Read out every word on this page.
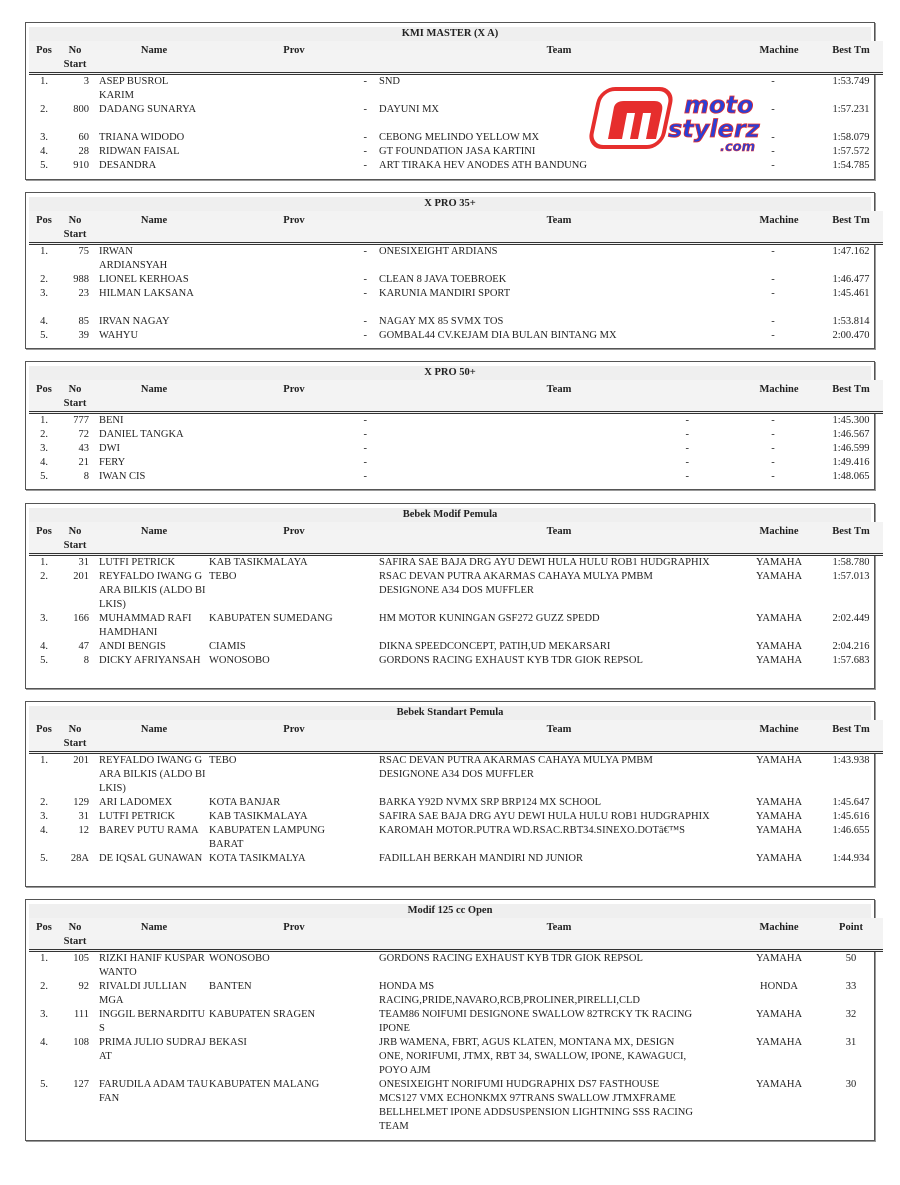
KMI MASTER (X A)
Pos	No
Start	Name	Prov	Team	Machine	Best Tm
1.	3	ASEP BUSROL KARIM	-	SND	-	1:53.749
2.	800	DADANG SUNARYA	-	DAYUNI MX	-	1:57.231

3.	60	TRIANA WIDODO	-	CEBONG MELINDO YELLOW MX	-	1:58.079
4.	28	RIDWAN FAISAL	-	GT FOUNDATION JASA KARTINI	-	1:57.572
5.	910	DESANDRA	-	ART TIRAKA HEV ANODES ATH BANDUNG	-	1:54.785
moto
stylerz
.com
X PRO 35+
Pos	No
Start	Name	Prov	Team	Machine	Best Tm
1.	75	IRWAN ARDIANSYAH	-	ONESIXEIGHT ARDIANS	-	1:47.162
2.	988	LIONEL KERHOAS	-	CLEAN 8 JAVA TOEBROEK	-	1:46.477
3.	23	HILMAN LAKSANA	-	KARUNIA MANDIRI SPORT	-	1:45.461

4.	85	IRVAN NAGAY	-	NAGAY MX 85 SVMX TOS	-	1:53.814
5.	39	WAHYU	-	GOMBAL44 CV.KEJAM DIA BULAN BINTANG MX	-	2:00.470
X PRO 50+
Pos	No
Start	Name	Prov	Team	Machine	Best Tm
1.	777	BENI	-	-	-	1:45.300
2.	72	DANIEL TANGKA	-	-	-	1:46.567
3.	43	DWI	-	-	-	1:46.599
4.	21	FERY	-	-	-	1:49.416
5.	8	IWAN CIS	-	-	-	1:48.065
Bebek Modif Pemula
Pos	No
Start	Name	Prov	Team	Machine	Best Tm
1.	31	LUTFI PETRICK	KAB TASIKMALAYA	SAFIRA SAE BAJA DRG AYU DEWI HULA HULU ROB1 HUDGRAPHIX	YAMAHA	1:58.780
2.	201	REYFALDO IWANG GARA BILKIS (ALDO BILKIS)	TEBO	RSAC DEVAN PUTRA AKARMAS CAHAYA MULYA PMBM DESIGNONE A34 DOS MUFFLER	YAMAHA	1:57.013
3.	166	MUHAMMAD RAFI HAMDHANI	KABUPATEN SUMEDANG	HM MOTOR KUNINGAN GSF272 GUZZ SPEDD	YAMAHA	2:02.449
4.	47	ANDI BENGIS	CIAMIS	DIKNA SPEEDCONCEPT, PATIH,UD MEKARSARI	YAMAHA	2:04.216
5.	8	DICKY AFRIYANSAH	WONOSOBO	GORDONS RACING EXHAUST KYB TDR GIOK REPSOL	YAMAHA	1:57.683
Bebek Standart Pemula
Pos	No
Start	Name	Prov	Team	Machine	Best Tm
1.	201	REYFALDO IWANG GARA BILKIS (ALDO BILKIS)	TEBO	RSAC DEVAN PUTRA AKARMAS CAHAYA MULYA PMBM DESIGNONE A34 DOS MUFFLER	YAMAHA	1:43.938
2.	129	ARI LADOMEX	KOTA BANJAR	BARKA Y92D NVMX SRP BRP124 MX SCHOOL	YAMAHA	1:45.647
3.	31	LUTFI PETRICK	KAB TASIKMALAYA	SAFIRA SAE BAJA DRG AYU DEWI HULA HULU ROB1 HUDGRAPHIX	YAMAHA	1:45.616
4.	12	BAREV PUTU RAMA	KABUPATEN LAMPUNG BARAT	KAROMAH MOTOR.PUTRA WD.RSAC.RBT34.SINEXO.DOTâ€™S	YAMAHA	1:46.655
5.	28A	DE IQSAL GUNAWAN	KOTA TASIKMALYA	FADILLAH BERKAH MANDIRI ND JUNIOR	YAMAHA	1:44.934
Modif 125 cc Open
Pos	No
Start	Name	Prov	Team	Machine	Point
1.	105	RIZKI HANIF KUSPARWANTO	WONOSOBO	GORDONS RACING EXHAUST KYB TDR GIOK REPSOL	YAMAHA	50
2.	92	RIVALDI JULLIAN MGA	BANTEN	HONDA MS RACING,PRIDE,NAVARO,RCB,PROLINER,PIRELLI,CLD	HONDA	33
3.	111	INGGIL BERNARDITUS	KABUPATEN SRAGEN	TEAM86 NOIFUMI DESIGNONE SWALLOW 82TRCKY TK RACING IPONE	YAMAHA	32
4.	108	PRIMA JULIO SUDRAJAT	BEKASI	JRB WAMENA, FBRT, AGUS KLATEN, MONTANA MX, DESIGN ONE, NORIFUMI, JTMX, RBT 34, SWALLOW, IPONE, KAWAGUCI, POYO AJM	YAMAHA	31
5.	127	FARUDILA ADAM TAUFAN	KABUPATEN MALANG	ONESIXEIGHT NORIFUMI HUDGRAPHIX DS7 FASTHOUSE MCS127 VMX ECHONKMX 97TRANS SWALLOW JTMXFRAME BELLHELMET IPONE ADDSUSPENSION LIGHTNING SSS RACING TEAM	YAMAHA	30
